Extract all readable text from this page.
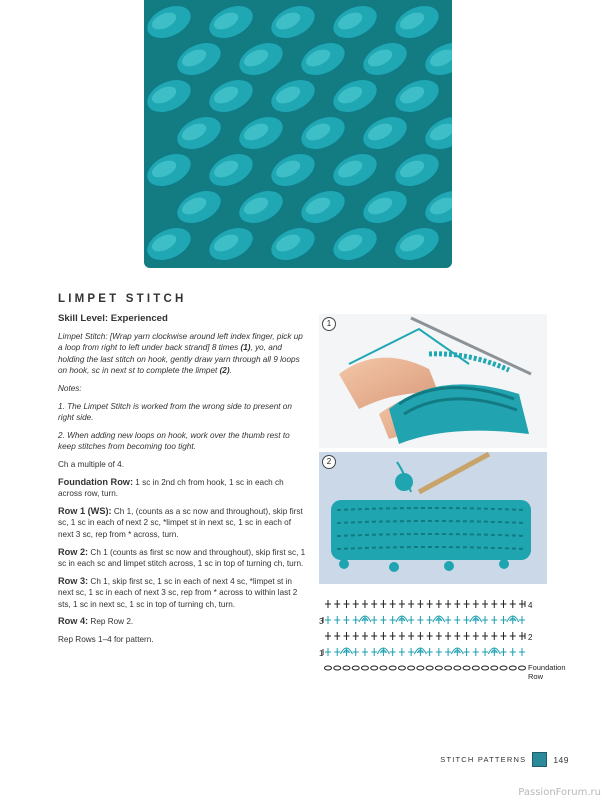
LIMPET STITCH
Skill Level: Experienced

Limpet Stitch: [Wrap yarn clockwise around left index finger, pick up a loop from right to left under back strand] 8 times (1), yo, and holding the last stitch on hook, gently draw yarn through all 9 loops on hook, sc in next st to complete the limpet (2).

Notes:

1. The Limpet Stitch is worked from the wrong side to present on right side.

2. When adding new loops on hook, work over the thumb rest to keep stitches from becoming too tight.

Ch a multiple of 4.

Foundation Row: 1 sc in 2nd ch from hook, 1 sc in each ch across row, turn.

Row 1 (WS): Ch 1, (counts as a sc now and throughout), skip first sc, 1 sc in each of next 2 sc, *limpet st in next sc, 1 sc in each of next 3 sc, rep from * across, turn.

Row 2: Ch 1 (counts as first sc now and throughout), skip first sc, 1 sc in each sc and limpet stitch across, 1 sc in top of turning ch, turn.

Row 3: Ch 1, skip first sc, 1 sc in each of next 4 sc, *limpet st in next sc, 1 sc in each of next 3 sc, rep from * across to within last 2 sts, 1 sc in next sc, 1 sc in top of turning ch, turn.

Row 4: Rep Row 2.

Rep Rows 1–4 for pattern.

1
2
4
3
2
1
Foundation
Row
STITCH PATTERNS	149
PassionForum.ru
